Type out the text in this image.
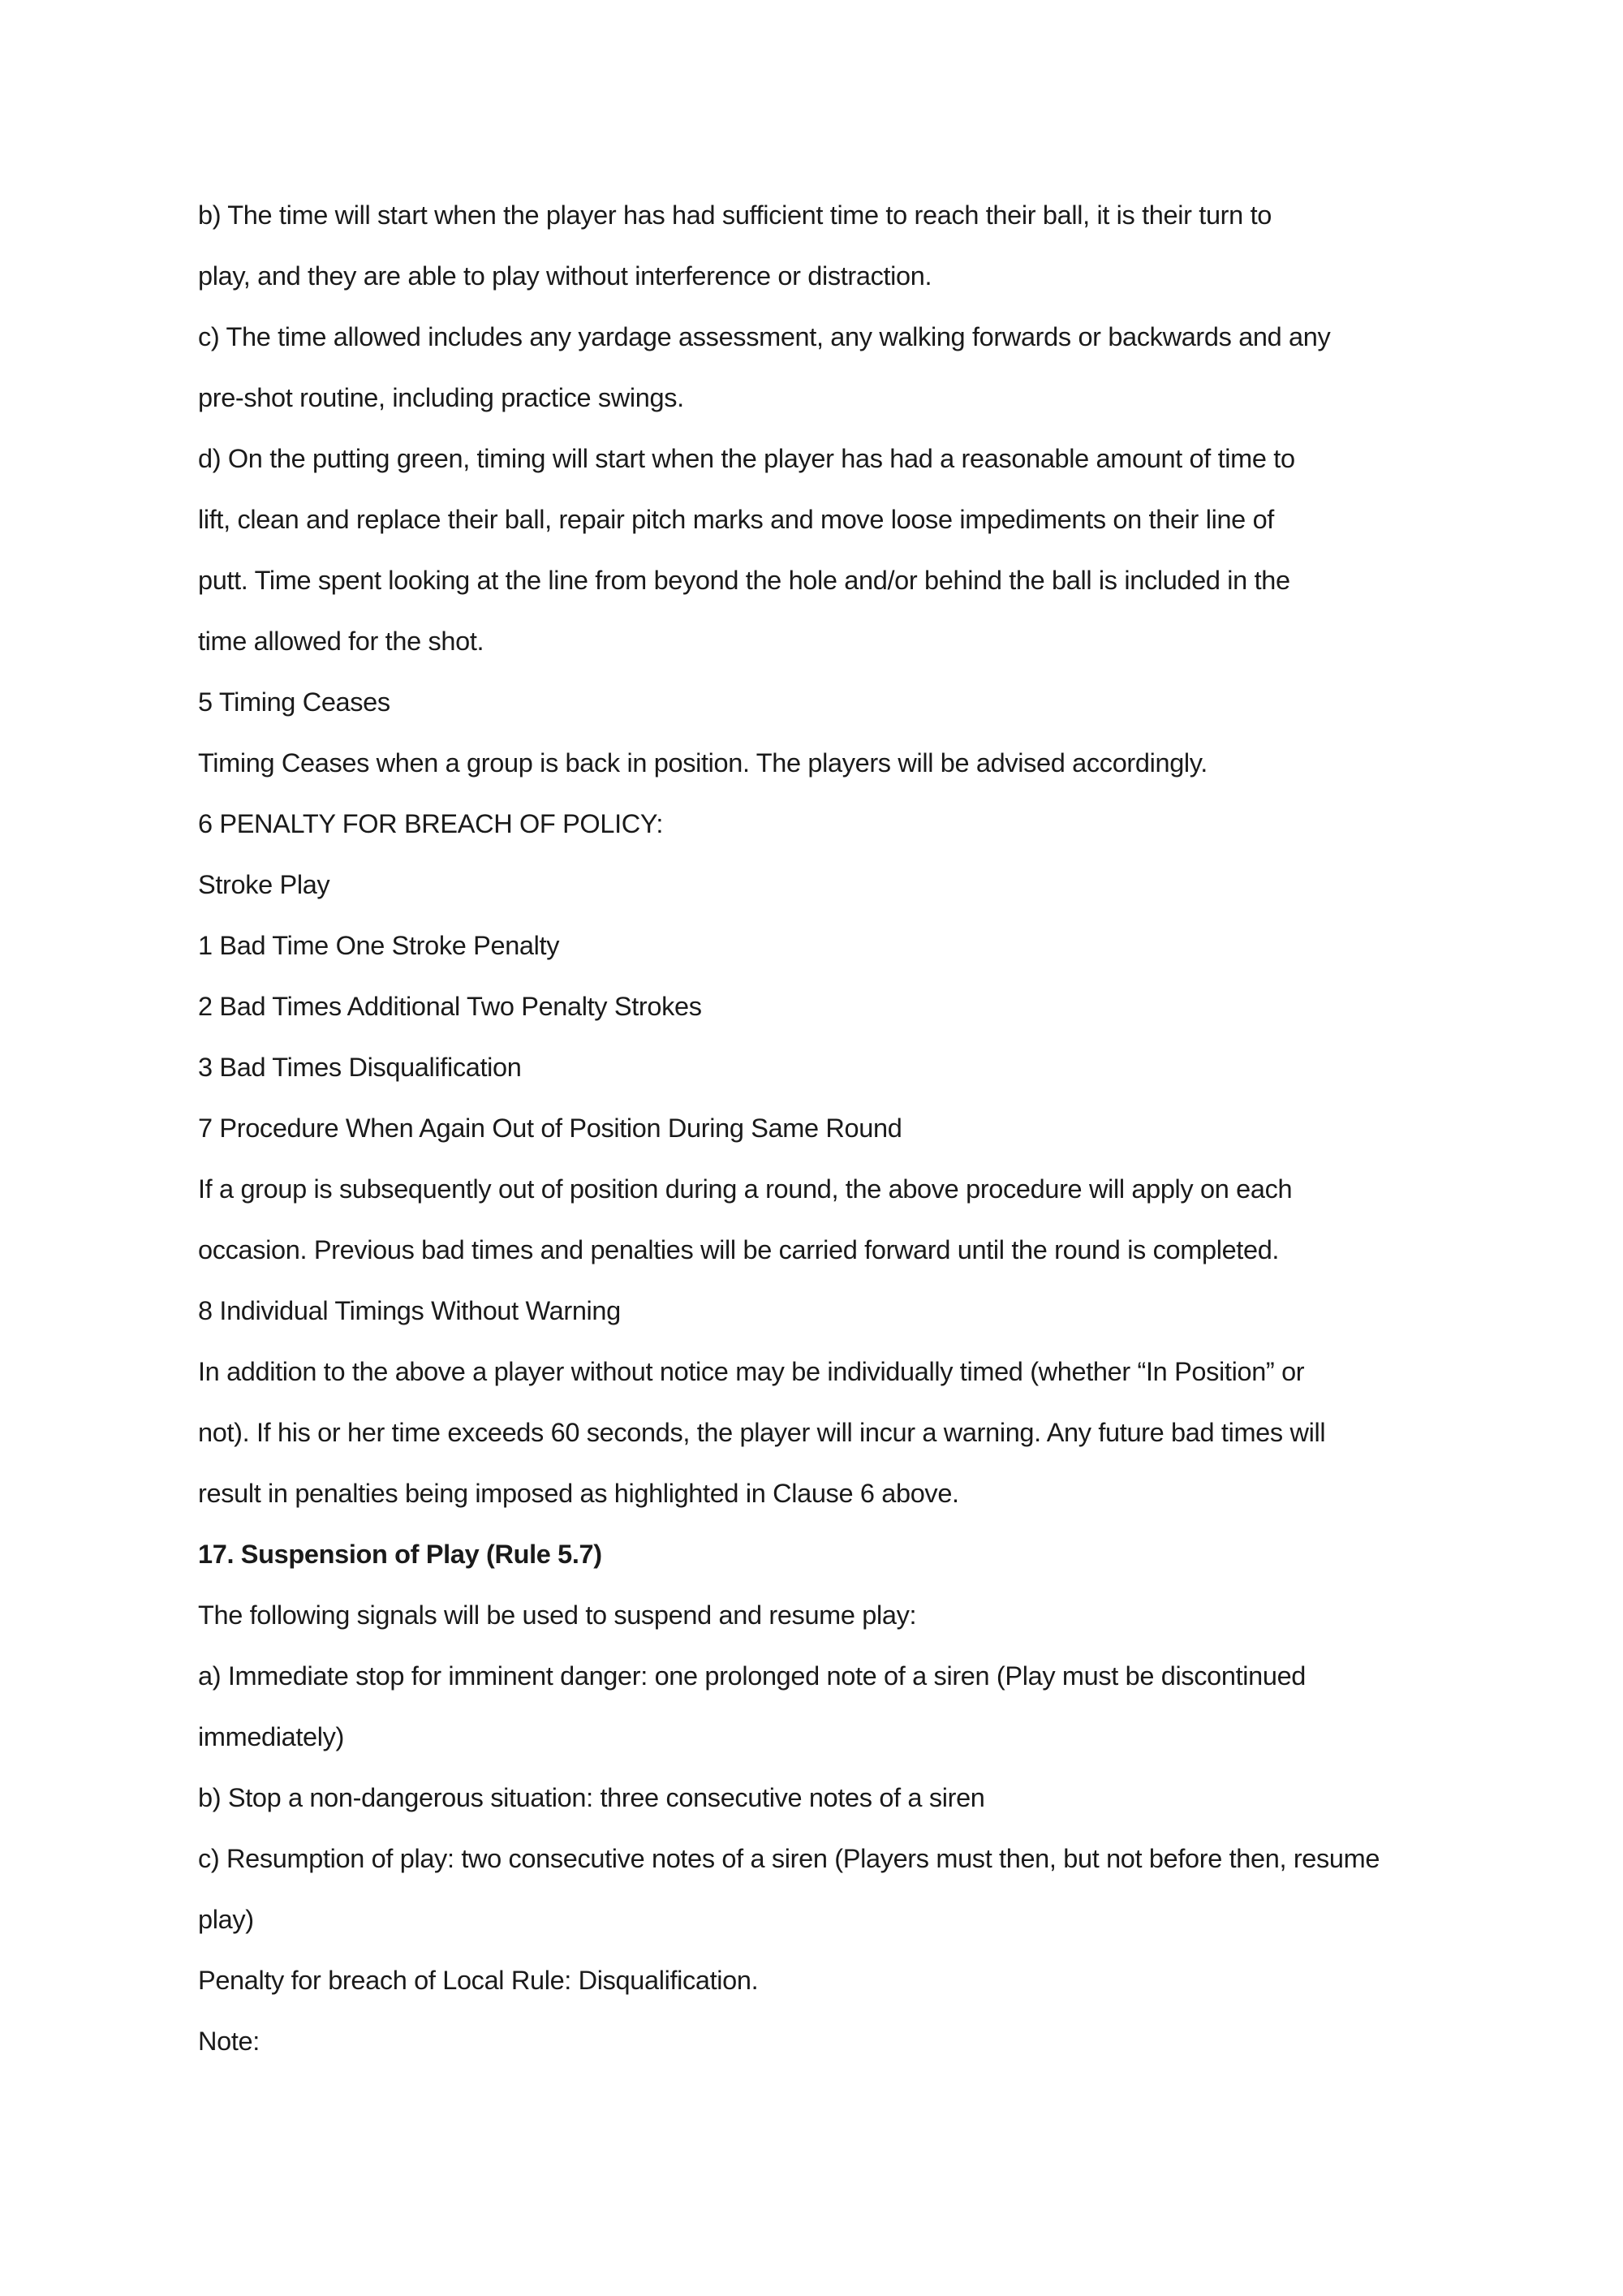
b) The time will start when the player has had sufficient time to reach their ball, it is their turn to
play, and they are able to play without interference or distraction.
c) The time allowed includes any yardage assessment, any walking forwards or backwards and any
pre-shot routine, including practice swings.
d) On the putting green, timing will start when the player has had a reasonable amount of time to
lift, clean and replace their ball, repair pitch marks and move loose impediments on their line of
putt. Time spent looking at the line from beyond the hole and/or behind the ball is included in the
time allowed for the shot.
5 Timing Ceases
Timing Ceases when a group is back in position. The players will be advised accordingly.
6 PENALTY FOR BREACH OF POLICY:
Stroke Play
1 Bad Time One Stroke Penalty
2 Bad Times Additional Two Penalty Strokes
3 Bad Times Disqualification
7 Procedure When Again Out of Position During Same Round
If a group is subsequently out of position during a round, the above procedure will apply on each
occasion. Previous bad times and penalties will be carried forward until the round is completed.
8 Individual Timings Without Warning
In addition to the above a player without notice may be individually timed (whether “In Position” or
not). If his or her time exceeds 60 seconds, the player will incur a warning. Any future bad times will
result in penalties being imposed as highlighted in Clause 6 above.
17. Suspension of Play (Rule 5.7)
The following signals will be used to suspend and resume play:
a) Immediate stop for imminent danger: one prolonged note of a siren (Play must be discontinued
immediately)
b) Stop a non-dangerous situation: three consecutive notes of a siren
c) Resumption of play: two consecutive notes of a siren (Players must then, but not before then, resume
play)
Penalty for breach of Local Rule: Disqualification.
Note:
